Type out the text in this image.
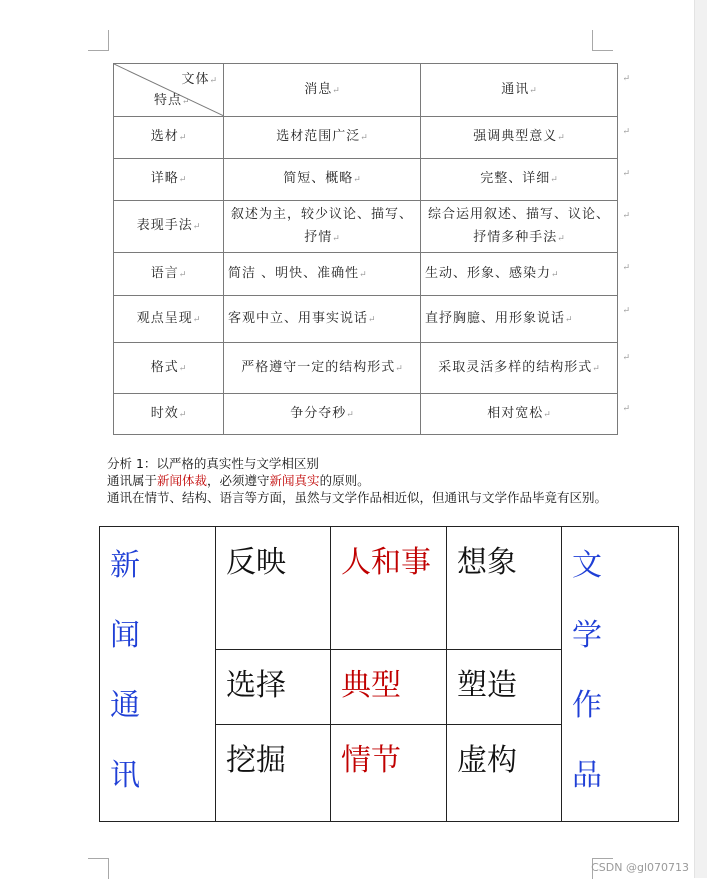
文体↵
特点↵	消息↵	通讯↵
↵

选材↵	选材范围广泛↵	强调典型意义↵
↵

详略↵	简短、概略↵	完整、详细↵
↵

表现手法↵	叙述为主，较少议论、描写、抒情↵	综合运用叙述、描写、议论、抒情多种手法↵
↵

语言↵	简洁 、明快、准确性↵	生动、形象、感染力↵
↵

观点呈现↵	客观中立、用事实说话↵	直抒胸臆、用形象说话↵
↵

格式↵	严格遵守一定的结构形式↵	采取灵活多样的结构形式↵
↵

时效↵	争分夺秒↵	相对宽松↵
↵
分析 1：以严格的真实性与文学相区别
通讯属于新闻体裁，必须遵守新闻真实的原则。
通讯在情节、结构、语言等方面，虽然与文学作品相近似，但通讯与文学作品毕竟有区别。
新闻通讯	反映	人和事	想象	文学作品

	选择	典型	塑造	
	挖掘	情节	虚构	
CSDN @gl070713
